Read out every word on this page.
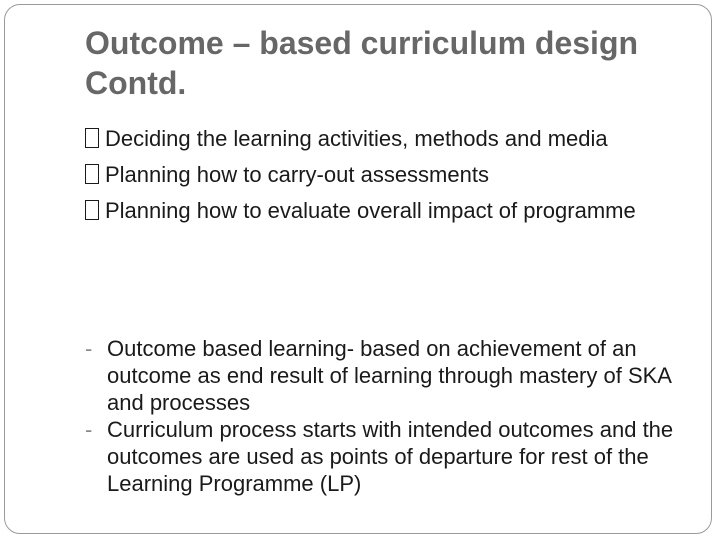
Outcome – based curriculum design Contd.
Deciding the learning activities, methods and media
Planning how to carry-out assessments
Planning how to evaluate overall impact of programme
- Outcome based learning- based on achievement of an outcome as end result of learning through mastery of SKA and processes
- Curriculum process starts with intended outcomes and the outcomes are used as points of departure for rest of the Learning Programme (LP)
